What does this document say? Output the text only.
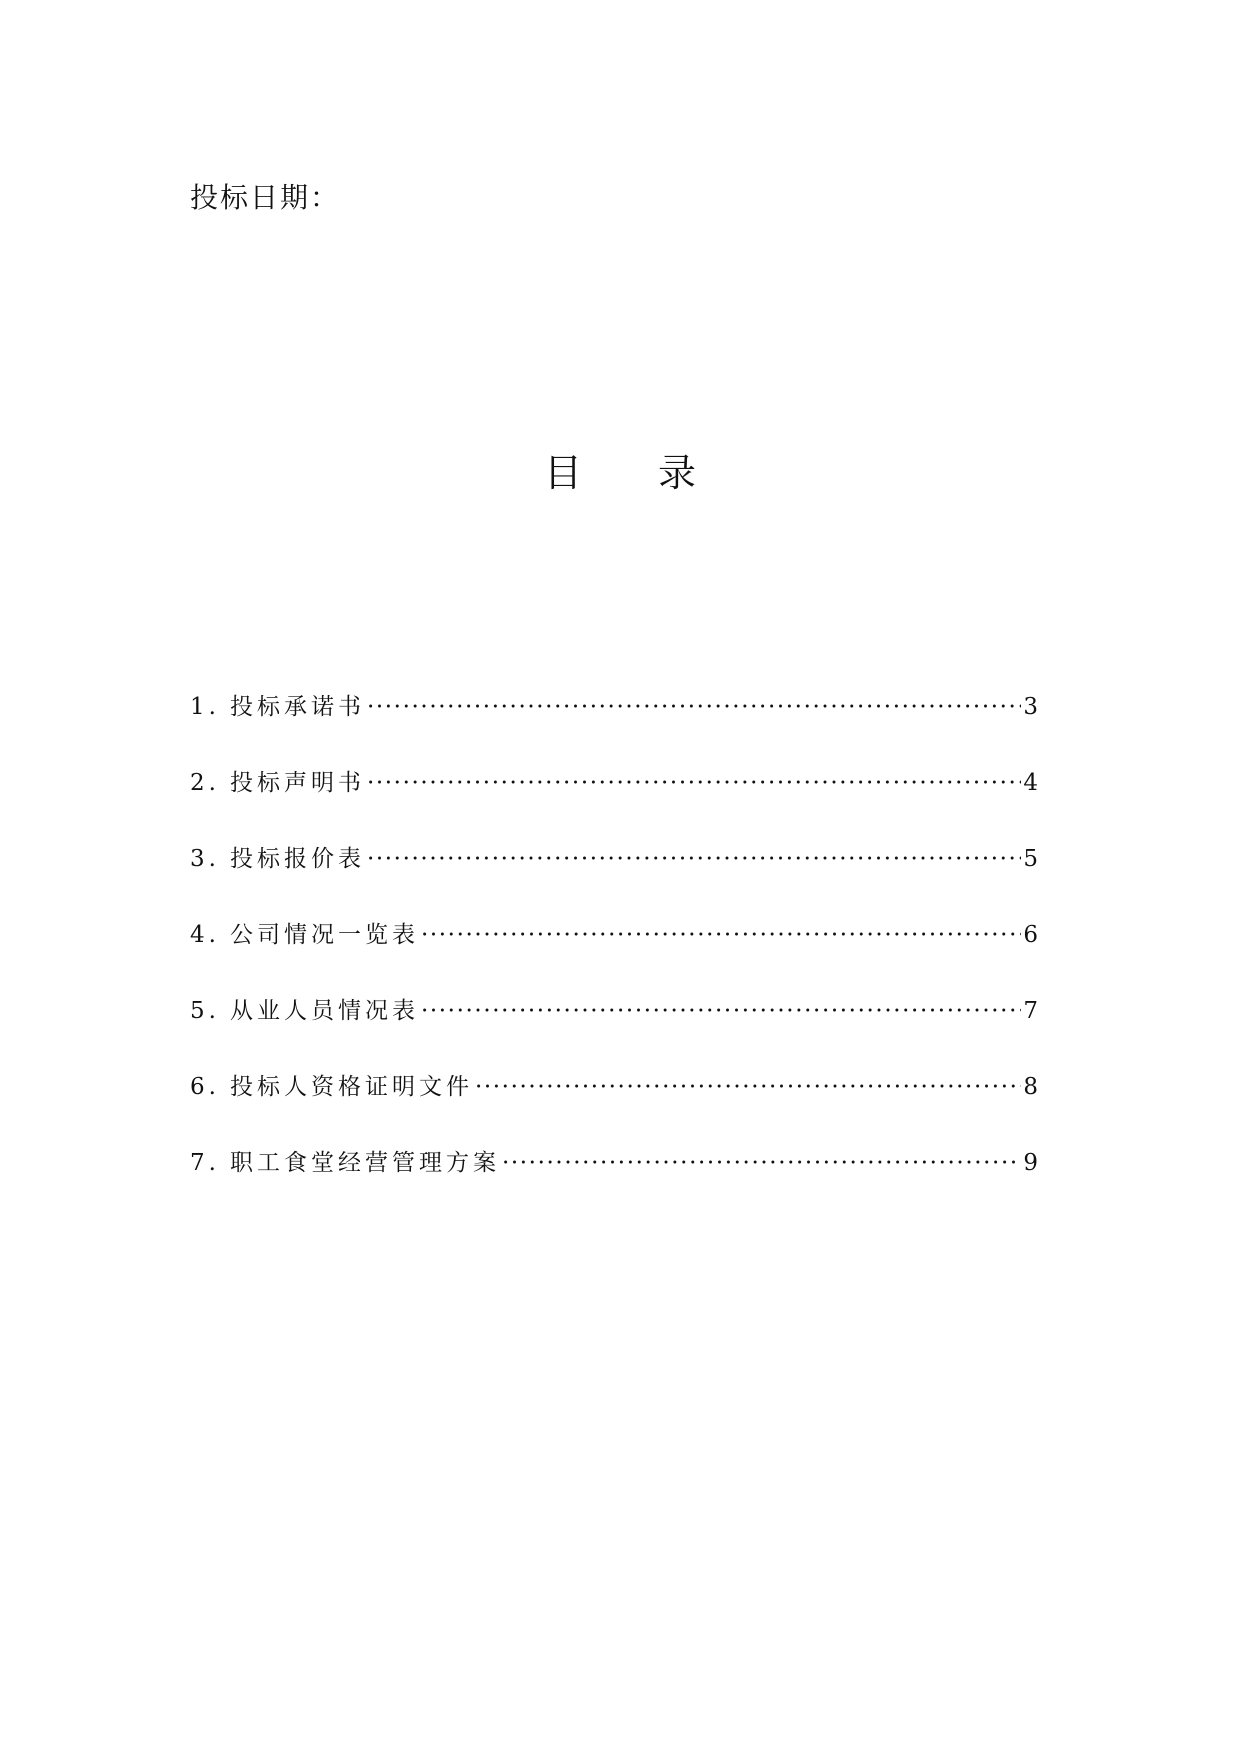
投标日期：
目 录
1. 投标承诺书 ·····	3
2. 投标声明书 ·····	4
3. 投标报价表 ·····	5
4. 公司情况一览表 ·····	6
5. 从业人员情况表 ·····	7
6. 投标人资格证明文件 ·····	8
7. 职工食堂经营管理方案 ·····	9
